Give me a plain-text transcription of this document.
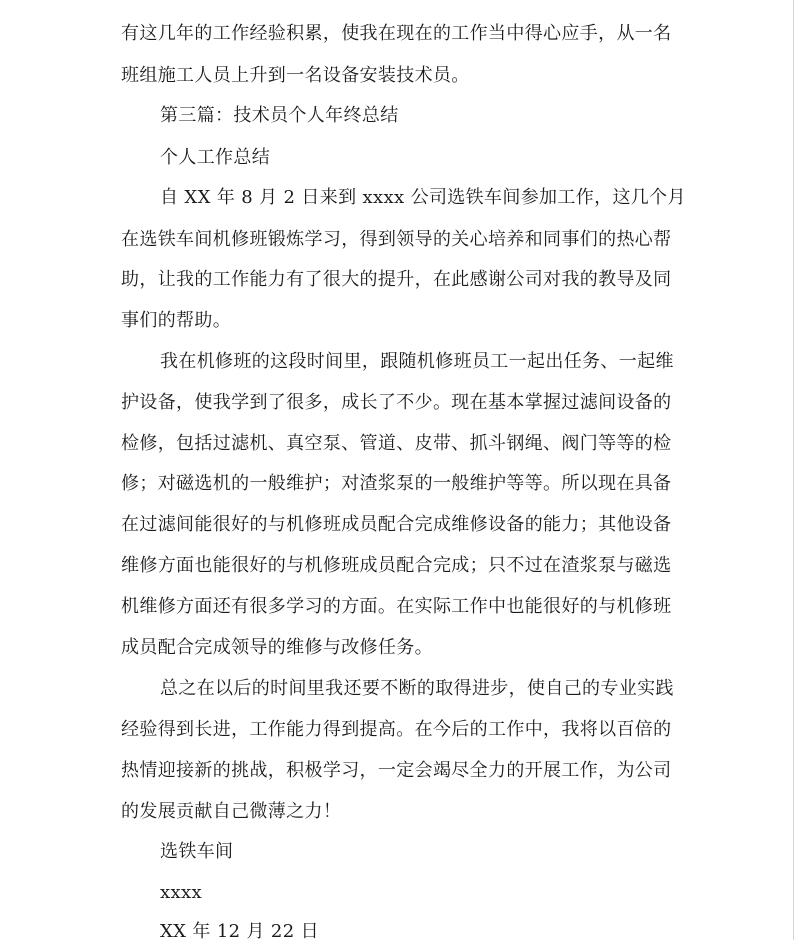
有这几年的工作经验积累，使我在现在的工作当中得心应手，从一名
班组施工人员上升到一名设备安装技术员。
第三篇：技术员个人年终总结
个人工作总结
自 XX 年 8 月 2 日来到 xxxx 公司选铁车间参加工作，这几个月
在选铁车间机修班锻炼学习，得到领导的关心培养和同事们的热心帮
助，让我的工作能力有了很大的提升，在此感谢公司对我的教导及同
事们的帮助。
我在机修班的这段时间里，跟随机修班员工一起出任务、一起维
护设备，使我学到了很多，成长了不少。现在基本掌握过滤间设备的
检修，包括过滤机、真空泵、管道、皮带、抓斗钢绳、阀门等等的检
修；对磁选机的一般维护；对渣浆泵的一般维护等等。所以现在具备
在过滤间能很好的与机修班成员配合完成维修设备的能力；其他设备
维修方面也能很好的与机修班成员配合完成；只不过在渣浆泵与磁选
机维修方面还有很多学习的方面。在实际工作中也能很好的与机修班
成员配合完成领导的维修与改修任务。
总之在以后的时间里我还要不断的取得进步，使自己的专业实践
经验得到长进，工作能力得到提高。在今后的工作中，我将以百倍的
热情迎接新的挑战，积极学习，一定会竭尽全力的开展工作，为公司
的发展贡献自己微薄之力！
选铁车间
xxxx
XX 年 12 月 22 日
